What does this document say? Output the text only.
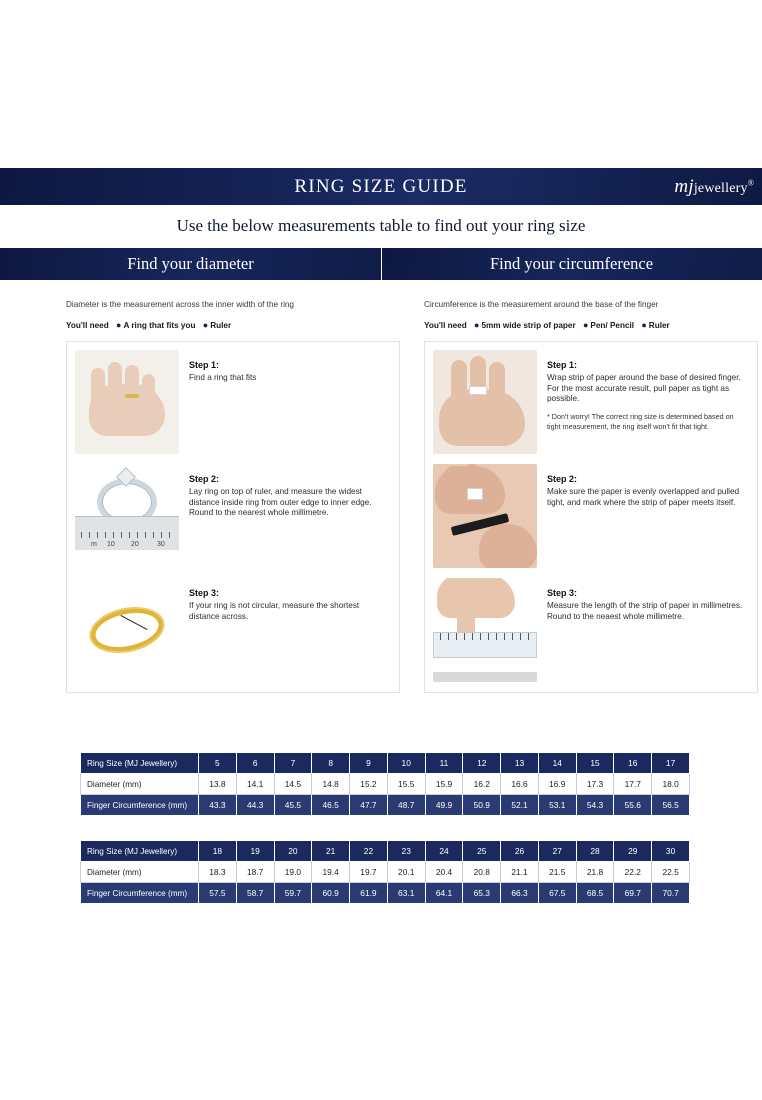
RING SIZE GUIDE	mjjewellery®
Use the below measurements table to find out your ring size
Find your diameter	Find your circumference
Diameter is the measurement across the inner width of the ring
You'll need ● A ring that fits you ● Ruler
Step 1:
Find a ring that fits
m 10 20	30
Step 2:
Lay ring on top of ruler, and measure the widest distance inside ring from outer edge to inner edge. Round to the nearest whole millimetre.
Step 3:
If your ring is not circular, measure the shortest distance across.
Circumference is the measurement around the base of the finger
You'll need ● 5mm wide strip of paper ● Pen/ Pencil ● Ruler
Step 1:
Wrap strip of paper around the base of desired finger. For the most accurate result, pull paper as tight as possible.
* Don't worry! The correct ring size is determined based on tight measurement, the ring itself won't fit that tight.
Step 2:
Make sure the paper is evenly overlapped and pulled tight, and mark where the strip of paper meets itself.
Step 3:
Measure the length of the strip of paper in millimetres. Round to the neaest whole millimetre.
Ring Size (MJ Jewellery)	5	6	7	8	9	10	11	12	13	14	15	16	17
Diameter (mm)	13.8	14.1	14.5	14.8	15.2	15.5	15.9	16.2	16.6	16.9	17.3	17.7	18.0
Finger Circumference (mm)	43.3	44.3	45.5	46.5	47.7	48.7	49.9	50.9	52.1	53.1	54.3	55.6	56.5
Ring Size (MJ Jewellery)	18	19	20	21	22	23	24	25	26	27	28	29	30
Diameter (mm)	18.3	18.7	19.0	19.4	19.7	20.1	20.4	20.8	21.1	21.5	21.8	22.2	22.5
Finger Circumference (mm)	57.5	58.7	59.7	60.9	61.9	63.1	64.1	65.3	66.3	67.5	68.5	69.7	70.7
